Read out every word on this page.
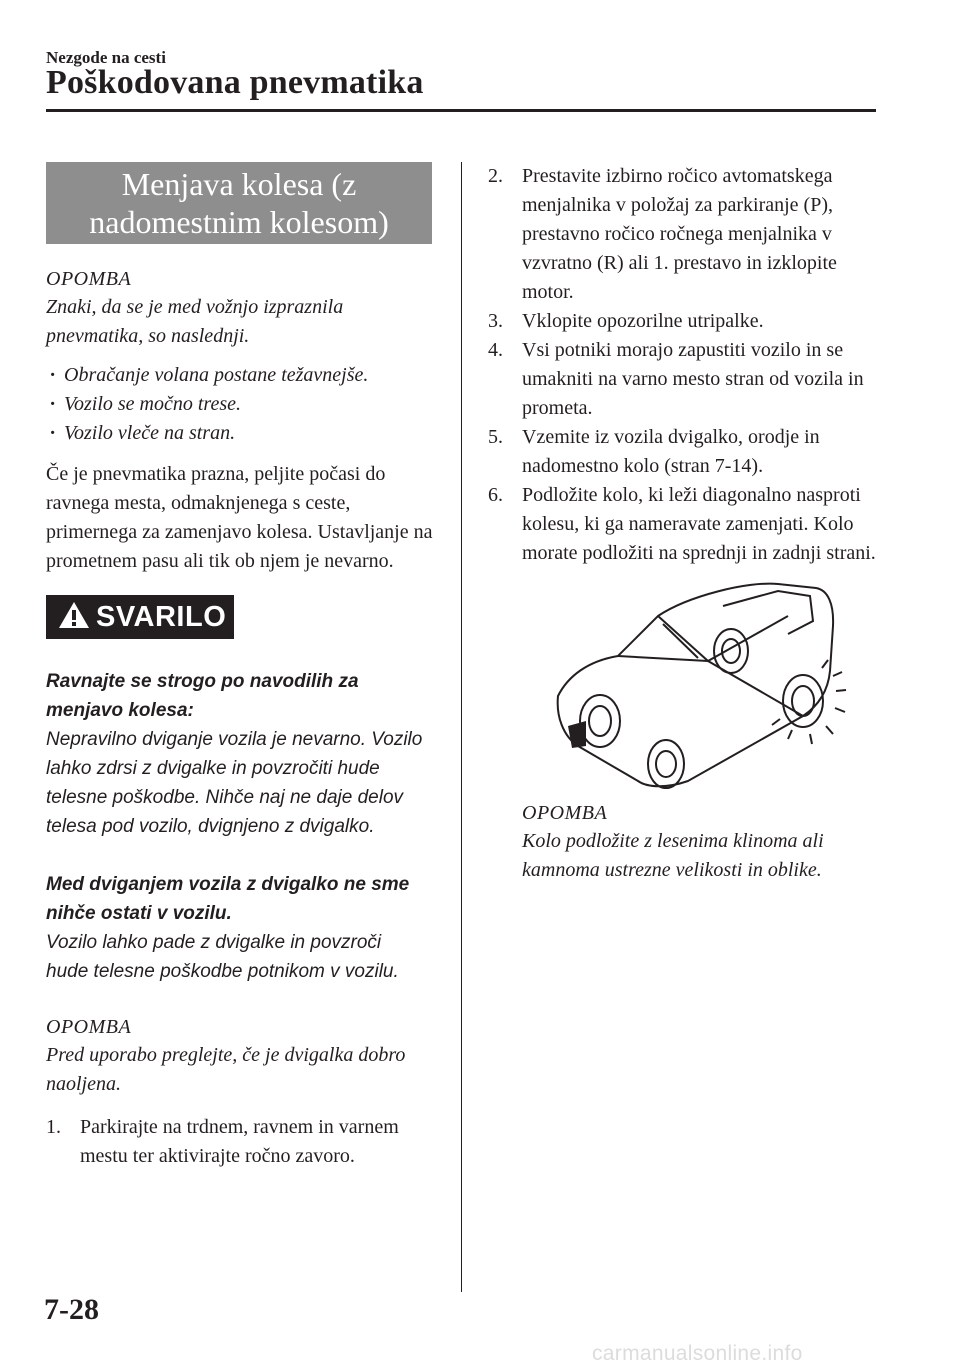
Nezgode na cesti
Poškodovana pnevmatika
Menjava kolesa (z
nadomestnim kolesom)
OPOMBA
Znaki, da se je med vožnjo izpraznila pnevmatika, so naslednji.
· Obračanje volana postane težavnejše.
· Vozilo se močno trese.
· Vozilo vleče na stran.
Če je pnevmatika prazna, peljite počasi do ravnega mesta, odmaknjenega s ceste, primernega za zamenjavo kolesa. Ustavljanje na prometnem pasu ali tik ob njem je nevarno.
SVARILO
Ravnajte se strogo po navodilih za menjavo kolesa:
Nepravilno dviganje vozila je nevarno. Vozilo lahko zdrsi z dvigalke in povzročiti hude telesne poškodbe. Nihče naj ne daje delov telesa pod vozilo, dvignjeno z dvigalko.
Med dviganjem vozila z dvigalko ne sme nihče ostati v vozilu.
Vozilo lahko pade z dvigalke in povzroči hude telesne poškodbe potnikom v vozilu.
OPOMBA
Pred uporabo preglejte, če je dvigalka dobro naoljena.
1. Parkirajte na trdnem, ravnem in varnem mestu ter aktivirajte ročno zavoro.
2. Prestavite izbirno ročico avtomatskega menjalnika v položaj za parkiranje (P), prestavno ročico ročnega menjalnika v vzvratno (R) ali 1. prestavo in izklopite motor.
3. Vklopite opozorilne utripalke.
4. Vsi potniki morajo zapustiti vozilo in se umakniti na varno mesto stran od vozila in prometa.
5. Vzemite iz vozila dvigalko, orodje in nadomestno kolo (stran 7-14).
6. Podložite kolo, ki leži diagonalno nasproti kolesu, ki ga nameravate zamenjati. Kolo morate podložiti na sprednji in zadnji strani.
OPOMBA
Kolo podložite z lesenima klinoma ali kamnoma ustrezne velikosti in oblike.
7-28
carmanualsonline.info
